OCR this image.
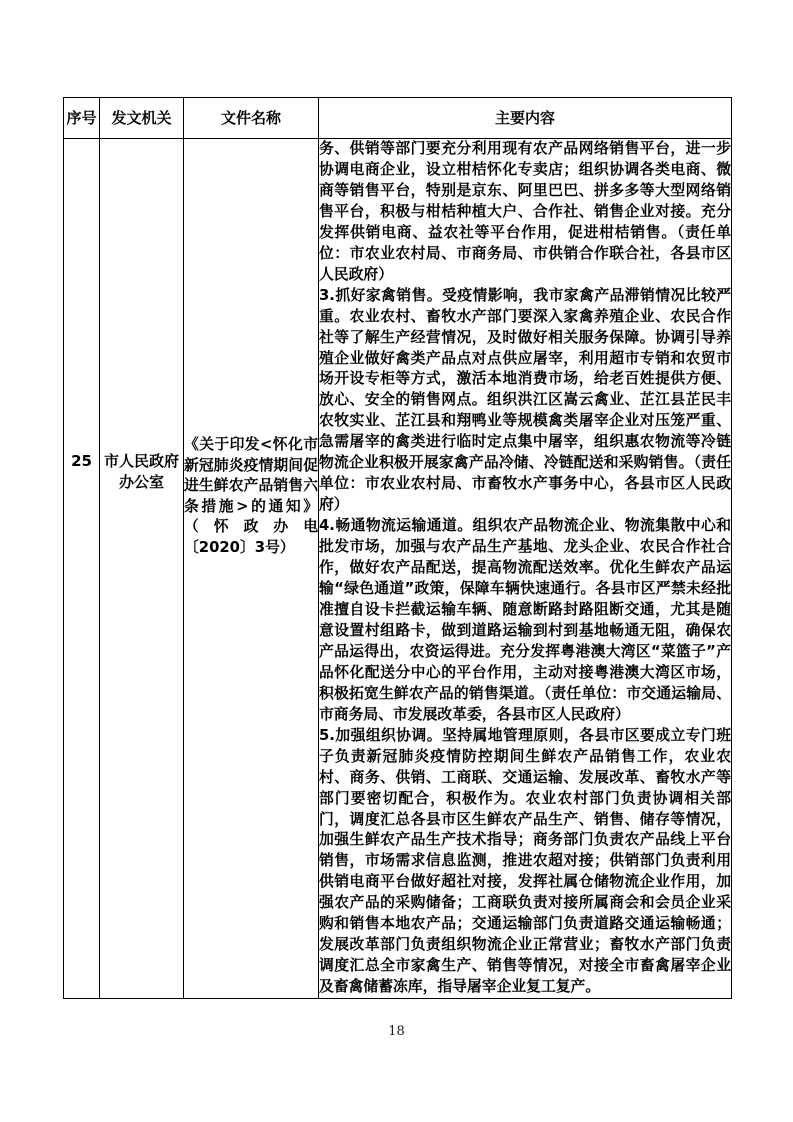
序号	发文机关	文件名称	主要内容

25	市人民政府办公室	《关于印发<怀化市新冠肺炎疫情期间促进生鲜农产品销售六条措施>的通知》（怀政办电〔2020〕3号）	务、供销等部门要充分利用现有农产品网络销售平台，进一步协调电商企业，设立柑桔怀化专卖店；组织协调各类电商、微商等销售平台，特别是京东、阿里巴巴、拼多多等大型网络销售平台，积极与柑桔种植大户、合作社、销售企业对接。充分发挥供销电商、益农社等平台作用，促进柑桔销售。（责任单位：市农业农村局、市商务局、市供销合作联合社，各县市区人民政府）
3.抓好家禽销售。受疫情影响，我市家禽产品滞销情况比较严重。农业农村、畜牧水产部门要深入家禽养殖企业、农民合作社等了解生产经营情况，及时做好相关服务保障。协调引导养殖企业做好禽类产品点对点供应屠宰，利用超市专销和农贸市场开设专柜等方式，激活本地消费市场，给老百姓提供方便、放心、安全的销售网点。组织洪江区嵩云禽业、芷江县芷民丰农牧实业、芷江县和翔鸭业等规模禽类屠宰企业对压笼严重、急需屠宰的禽类进行临时定点集中屠宰，组织惠农物流等冷链物流企业积极开展家禽产品冷储、冷链配送和采购销售。（责任单位：市农业农村局、市畜牧水产事务中心，各县市区人民政府）
4.畅通物流运输通道。组织农产品物流企业、物流集散中心和批发市场，加强与农产品生产基地、龙头企业、农民合作社合作，做好农产品配送，提高物流配送效率。优化生鲜农产品运输“绿色通道”政策，保障车辆快速通行。各县市区严禁未经批准擅自设卡拦截运输车辆、随意断路封路阻断交通，尤其是随意设置村组路卡，做到道路运输到村到基地畅通无阻，确保农产品运得出，农资运得进。充分发挥粤港澳大湾区“菜篮子”产品怀化配送分中心的平台作用，主动对接粤港澳大湾区市场，积极拓宽生鲜农产品的销售渠道。（责任单位：市交通运输局、市商务局、市发展改革委，各县市区人民政府）
5.加强组织协调。坚持属地管理原则，各县市区要成立专门班子负责新冠肺炎疫情防控期间生鲜农产品销售工作，农业农村、商务、供销、工商联、交通运输、发展改革、畜牧水产等部门要密切配合，积极作为。农业农村部门负责协调相关部门，调度汇总各县市区生鲜农产品生产、销售、储存等情况，加强生鲜农产品生产技术指导；商务部门负责农产品线上平台销售，市场需求信息监测，推进农超对接；供销部门负责利用供销电商平台做好超社对接，发挥社属仓储物流企业作用，加强农产品的采购储备；工商联负责对接所属商会和会员企业采购和销售本地农产品；交通运输部门负责道路交通运输畅通；发展改革部门负责组织物流企业正常营业；畜牧水产部门负责调度汇总全市家禽生产、销售等情况，对接全市畜禽屠宰企业及畜禽储蓄冻库，指导屠宰企业复工复产。
18
